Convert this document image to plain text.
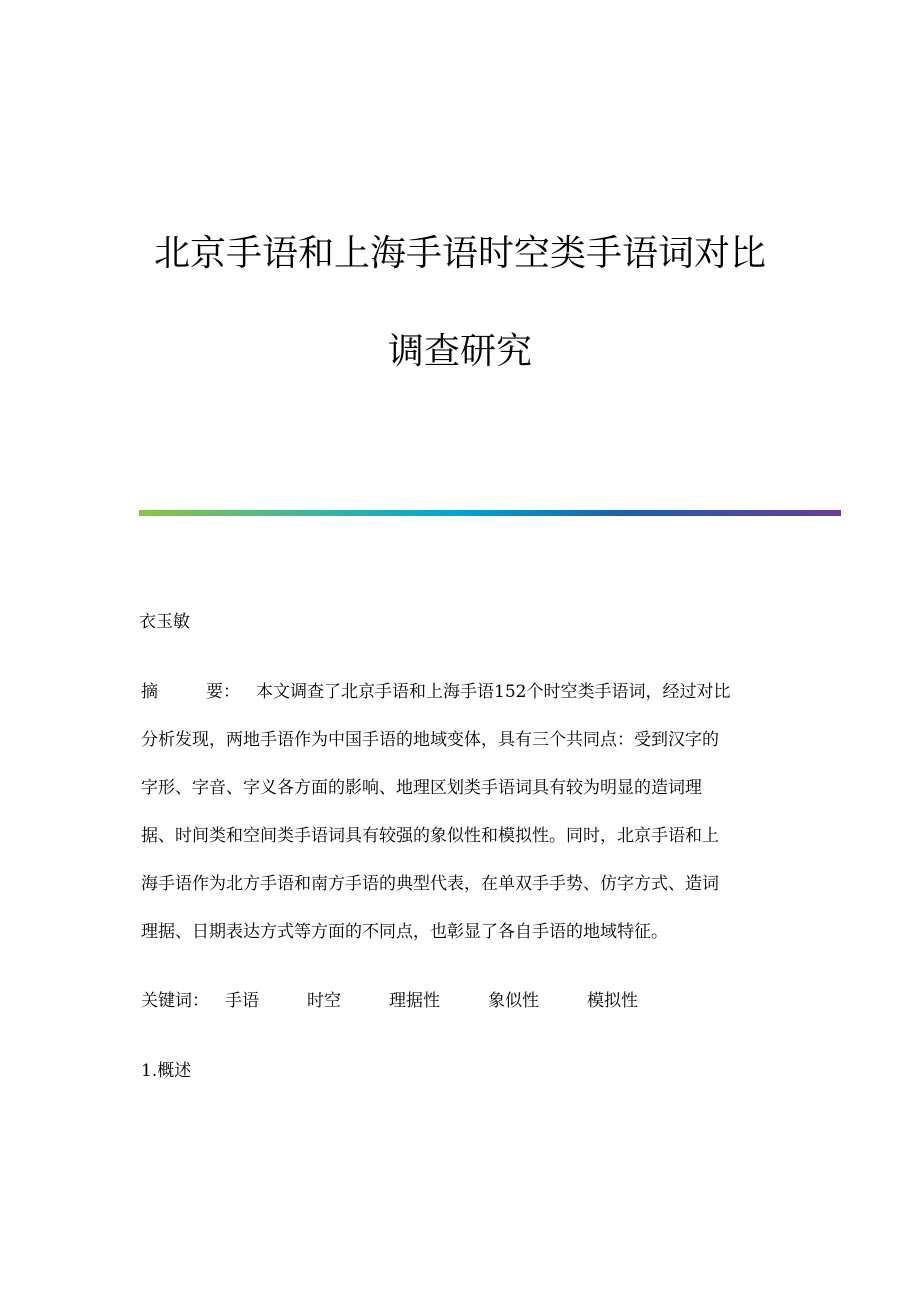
北京手语和上海手语时空类手语词对比
调查研究
衣玉敏
摘	要： 本文调查了北京手语和上海手语152个时空类手语词，经过对比
分析发现，两地手语作为中国手语的地域变体，具有三个共同点：受到汉字的
字形、字音、字义各方面的影响、地理区划类手语词具有较为明显的造词理
据、时间类和空间类手语词具有较强的象似性和模拟性。同时，北京手语和上
海手语作为北方手语和南方手语的典型代表，在单双手手势、仿字方式、造词
理据、日期表达方式等方面的不同点，也彰显了各自手语的地域特征。
关键词： 手语	时空	理据性	象似性	模拟性
1.概述
